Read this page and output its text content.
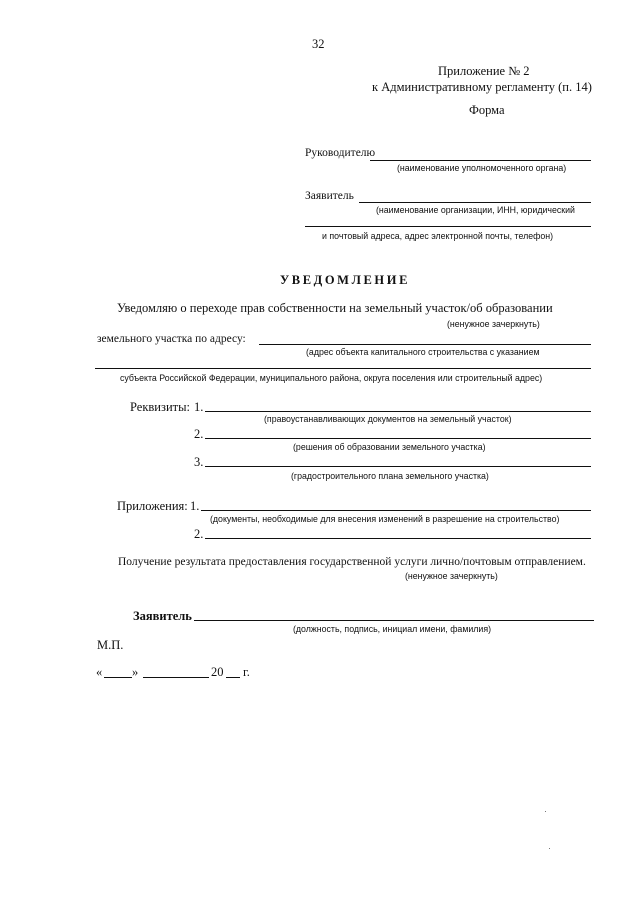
32
Приложение № 2
к Административному регламенту (п. 14)
Форма
Руководителю
(наименование уполномоченного органа)
Заявитель
(наименование организации, ИНН, юридический
и почтовый адреса, адрес электронной почты, телефон)
УВЕДОМЛЕНИЕ
Уведомляю о переходе прав собственности на земельный участок/об образовании
(ненужное зачеркнуть)
земельного участка по адресу:
(адрес объекта капитального строительства с указанием
субъекта Российской Федерации, муниципального района, округа поселения или строительный адрес)
Реквизиты: 1.
(правоустанавливающих документов на земельный участок)
2.
(решения об образовании земельного участка)
3.
(градостроительного плана земельного участка)
Приложения: 1.
(документы, необходимые для внесения изменений в разрешение на строительство)
2.
Получение результата предоставления государственной услуги лично/почтовым отправлением.
(ненужное зачеркнуть)
Заявитель
(должность, подпись, инициал имени, фамилия)
М.П.
« »	20 г.
